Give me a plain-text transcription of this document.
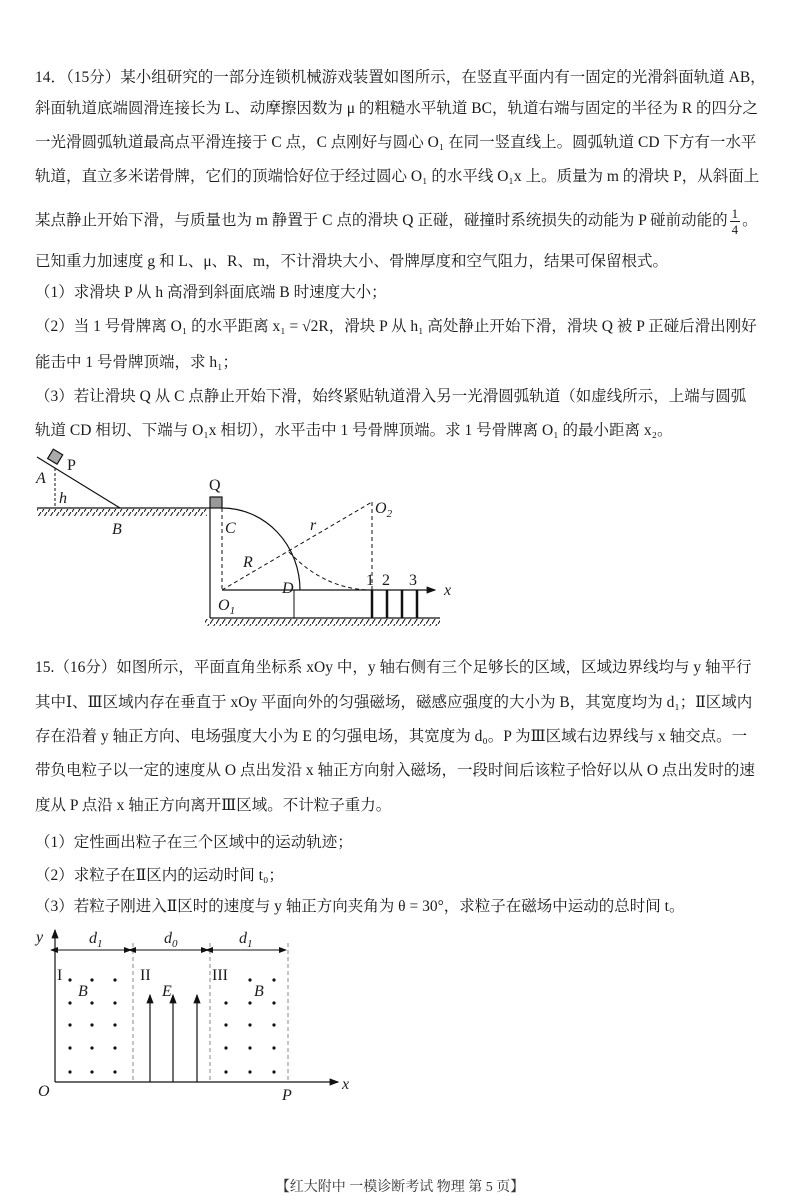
14．（15分）某小组研究的一部分连锁机械游戏装置如图所示，在竖直平面内有一固定的光滑斜面轨道 AB，
斜面轨道底端圆滑连接长为 L、动摩擦因数为 μ 的粗糙水平轨道 BC，轨道右端与固定的半径为 R 的四分之
一光滑圆弧轨道最高点平滑连接于 C 点，C 点刚好与圆心 O₁ 在同一竖直线上。圆弧轨道 CD 下方有一水平
轨道，直立多米诺骨牌，它们的顶端恰好位于经过圆心 O₁ 的水平线 O₁x 上。质量为 m 的滑块 P，从斜面上
某点静止开始下滑，与质量也为 m 静置于 C 点的滑块 Q 正碰，碰撞时系统损失的动能为 P 碰前动能的 $\frac{1}{4}$ 。
已知重力加速度 g 和 L、μ、R、m，不计滑块大小、骨牌厚度和空气阻力，结果可保留根式。
（1）求滑块 P 从 h 高滑到斜面底端 B 时速度大小；
（2）当 1 号骨牌离 O₁ 的水平距离 x₁ = √2R，滑块 P 从 h₁ 高处静止开始下滑，滑块 Q 被 P 正碰后滑出刚好
能击中 1 号骨牌顶端，求 h₁；
（3）若让滑块 Q 从 C 点静止开始下滑，始终紧贴轨道滑入另一光滑圆弧轨道（如虚线所示，上端与圆弧
轨道 CD 相切、下端与 O₁x 相切），水平击中 1 号骨牌顶端。求 1 号骨牌离 O₁ 的最小距离 x₂。
A
P
h
B
Q
C
R
r
D
$O_1$
$O_2$
x
1 2 3
y
x
O	P
$d_1$	$d_0$	$d_1$
I	II	III
B	E	B
15.（16分）如图所示，平面直角坐标系 xOy 中，y 轴右侧有三个足够长的区域，区域边界线均与 y 轴平行
其中Ⅰ、Ⅲ区域内存在垂直于 xOy 平面向外的匀强磁场，磁感应强度的大小为 B，其宽度均为 d₁；Ⅱ区域内
存在沿着 y 轴正方向、电场强度大小为 E 的匀强电场，其宽度为 d₀。P 为Ⅲ区域右边界线与 x 轴交点。一
带负电粒子以一定的速度从 O 点出发沿 x 轴正方向射入磁场，一段时间后该粒子恰好以从 O 点出发时的速
度从 P 点沿 x 轴正方向离开Ⅲ区域。不计粒子重力。
（1）定性画出粒子在三个区域中的运动轨迹；
（2）求粒子在Ⅱ区内的运动时间 t₀；
（3）若粒子刚进入Ⅱ区时的速度与 y 轴正方向夹角为 θ = 30°，求粒子在磁场中运动的总时间 t。
【红大附中 一模诊断考试 物理 第 5 页】
